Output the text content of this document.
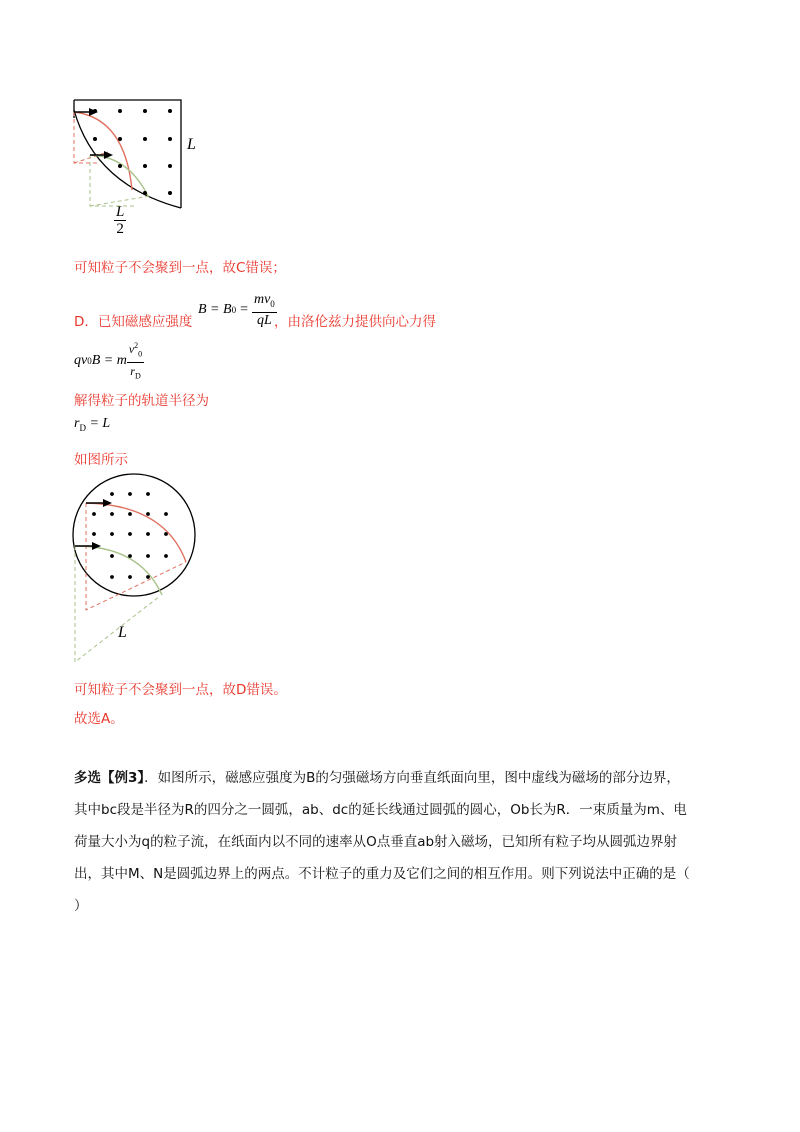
L
$\frac{L}{2}$
可知粒子不会聚到一点，故C错误；
D．已知磁感应强度
B = B $0 = \frac{mv_0}{qL}$
，由洛伦兹力提供向心力得
qv 0 B = m $\frac{v^2_0}{r_D}$
解得粒子的轨道半径为
$r_D = L$
如图所示
L
可知粒子不会聚到一点，故D错误。
故选A。
多选【例3】．如图所示，磁感应强度为B的匀强磁场方向垂直纸面向里，图中虚线为磁场的部分边界，
其中bc段是半径为R的四分之一圆弧，ab、dc的延长线通过圆弧的圆心，Ob长为R．一束质量为m、电
荷量大小为q的粒子流，在纸面内以不同的速率从O点垂直ab射入磁场，已知所有粒子均从圆弧边界射
出，其中M、N是圆弧边界上的两点。不计粒子的重力及它们之间的相互作用。则下列说法中正确的是（
）
